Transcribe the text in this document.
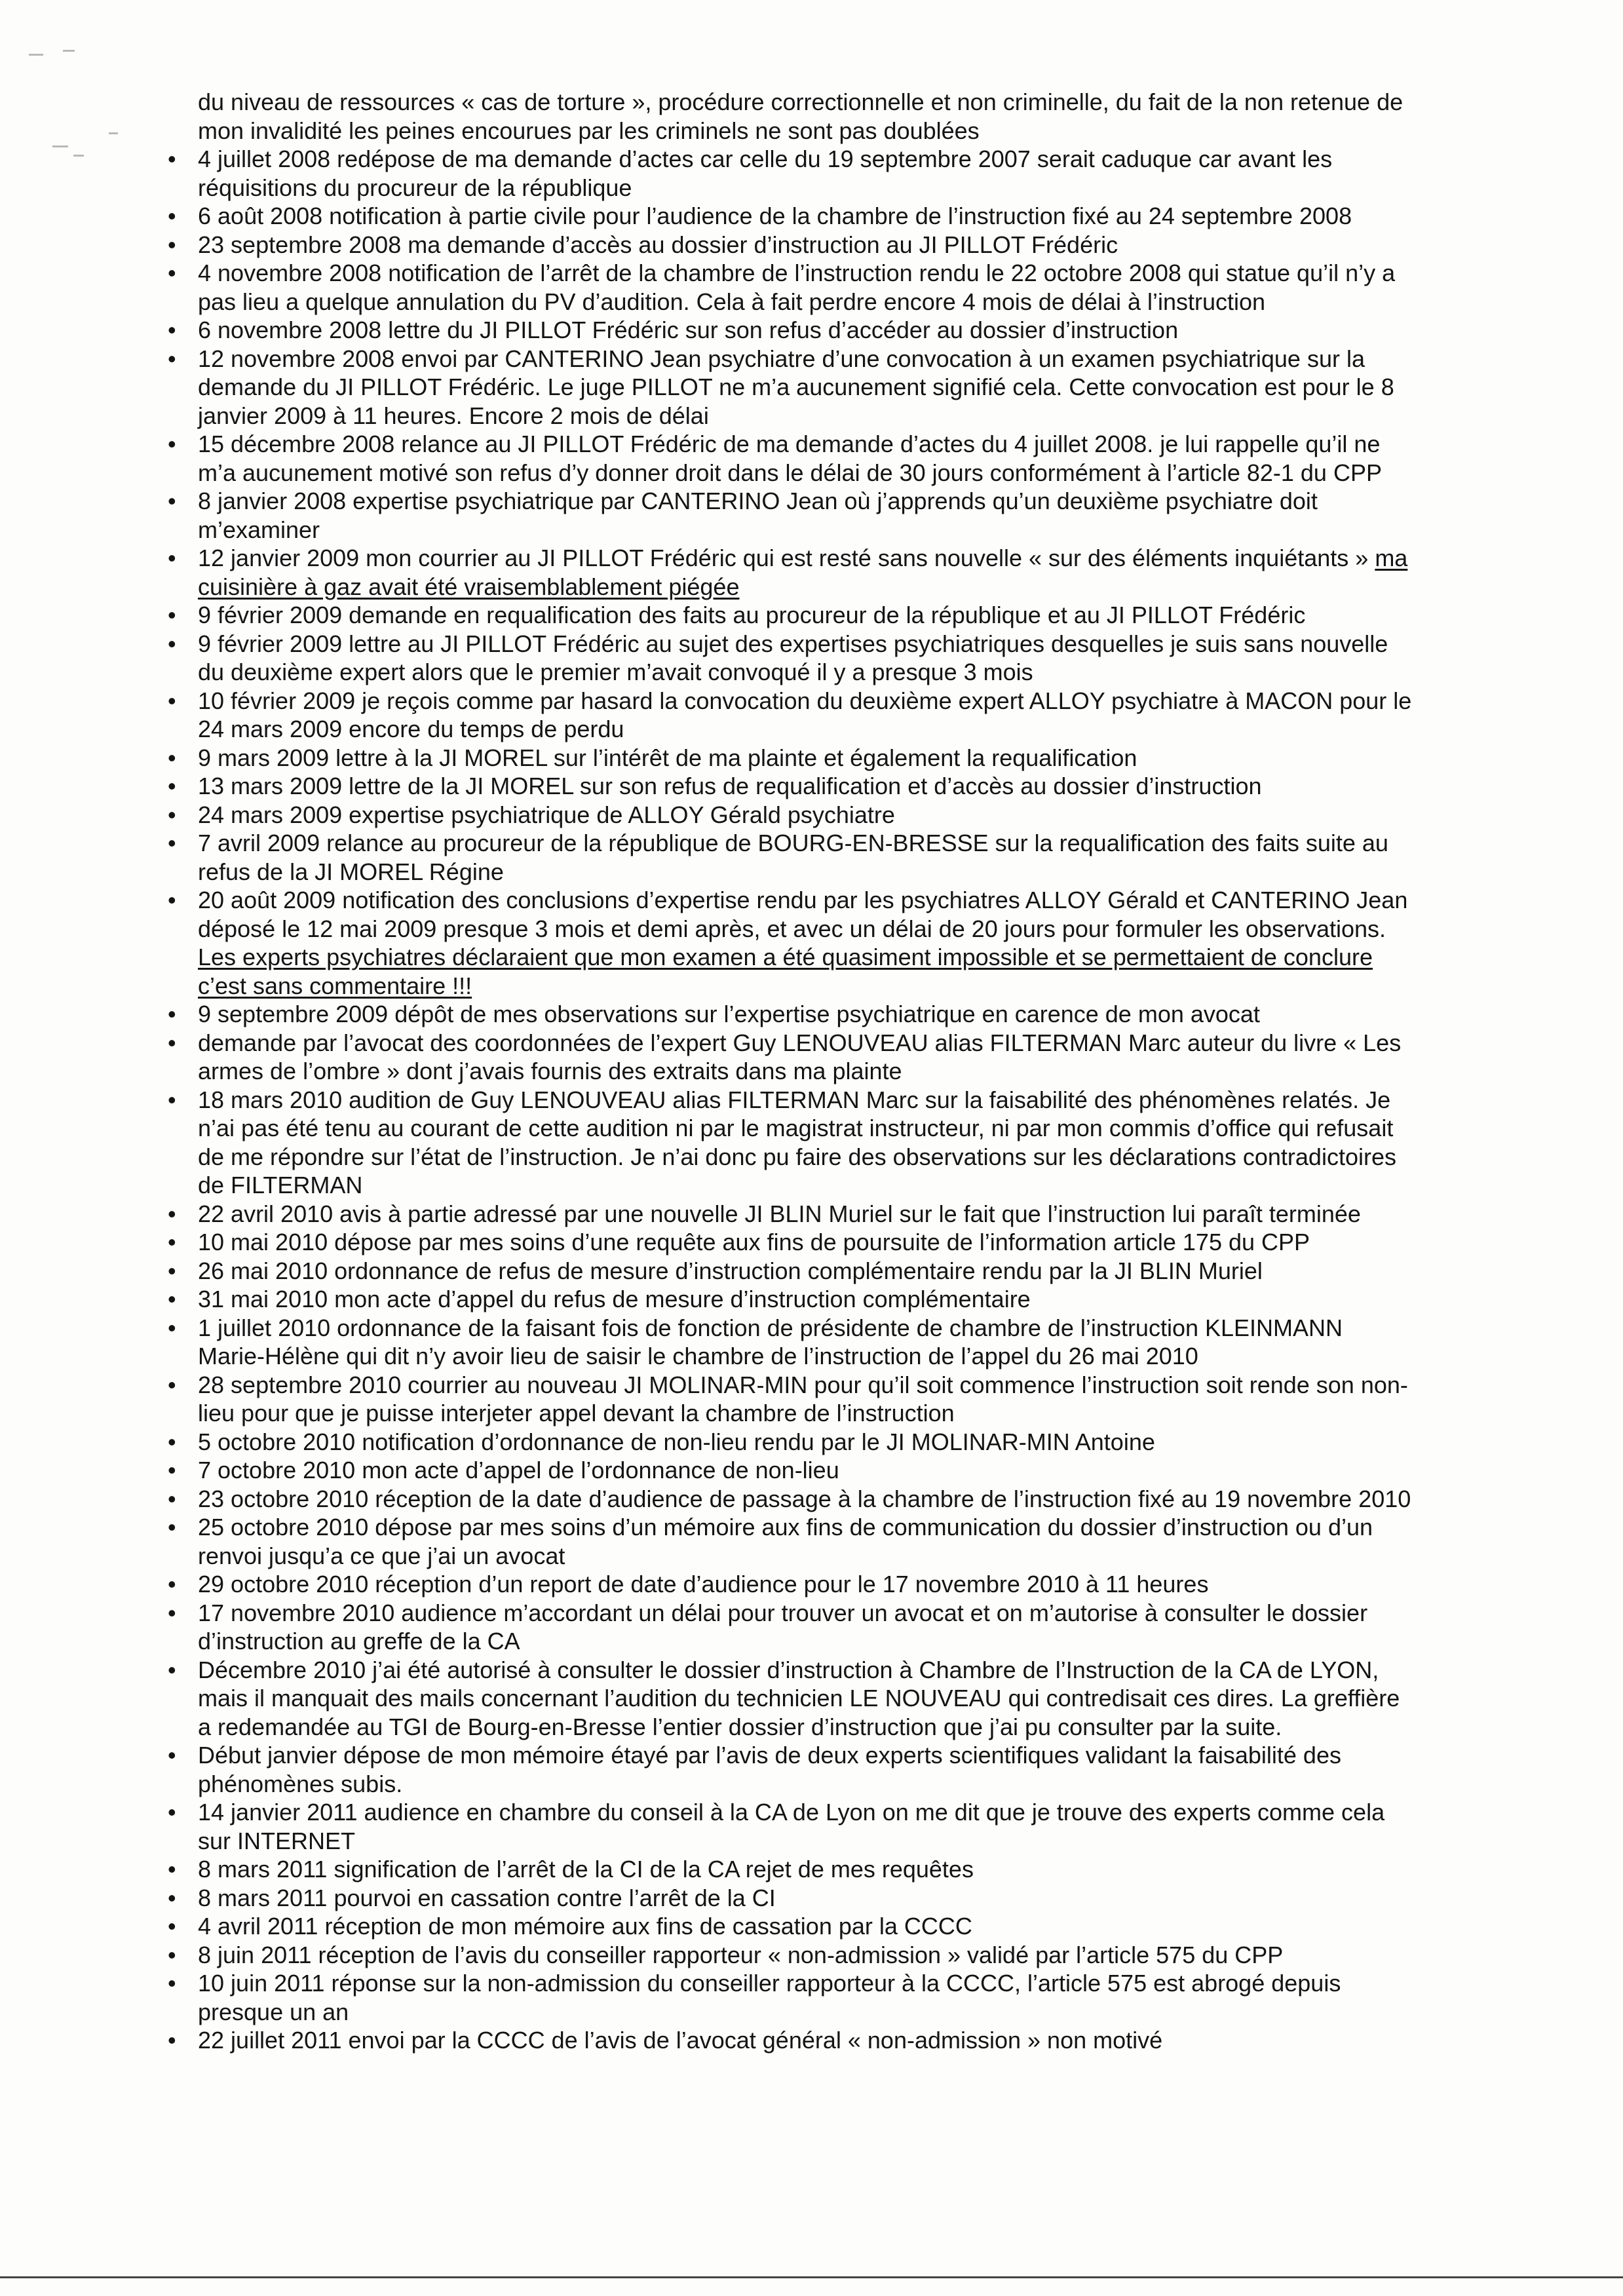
du niveau de ressources « cas de torture », procédure correctionnelle et non criminelle, du fait de la non retenue de mon invalidité les peines encourues par les criminels ne sont pas doublées

• 4 juillet 2008 redépose de ma demande d’actes car celle du 19 septembre 2007 serait caduque car avant les réquisitions du procureur de la république
• 6 août 2008 notification à partie civile pour l’audience de la chambre de l’instruction fixé au 24 septembre 2008
• 23 septembre 2008 ma demande d’accès au dossier d’instruction au JI PILLOT Frédéric
• 4 novembre 2008 notification de l’arrêt de la chambre de l’instruction rendu le 22 octobre 2008 qui statue qu’il n’y a pas lieu a quelque annulation du PV d’audition. Cela à fait perdre encore 4 mois de délai à l’instruction
• 6 novembre 2008 lettre du JI PILLOT Frédéric sur son refus d’accéder au dossier d’instruction
• 12 novembre 2008 envoi par CANTERINO Jean psychiatre d’une convocation à un examen psychiatrique sur la demande du JI PILLOT Frédéric. Le juge PILLOT ne m’a aucunement signifié cela. Cette convocation est pour le 8 janvier 2009 à 11 heures. Encore 2 mois de délai
• 15 décembre 2008 relance au JI PILLOT Frédéric de ma demande d’actes du 4 juillet 2008. je lui rappelle qu’il ne m’a aucunement motivé son refus d’y donner droit dans le délai de 30 jours conformément à l’article 82-1 du CPP
• 8 janvier 2008 expertise psychiatrique par CANTERINO Jean où j’apprends qu’un deuxième psychiatre doit m’examiner
• 12 janvier 2009 mon courrier au JI PILLOT Frédéric qui est resté sans nouvelle « sur des éléments inquiétants » ma cuisinière à gaz avait été vraisemblablement piégée
• 9 février 2009 demande en requalification des faits au procureur de la république et au JI PILLOT Frédéric
• 9 février 2009 lettre au JI PILLOT Frédéric au sujet des expertises psychiatriques desquelles je suis sans nouvelle du deuxième expert alors que le premier m’avait convoqué il y a presque 3 mois
• 10 février 2009 je reçois comme par hasard la convocation du deuxième expert ALLOY psychiatre à MACON pour le 24 mars 2009 encore du temps de perdu
• 9 mars 2009 lettre à la JI MOREL sur l’intérêt de ma plainte et également la requalification
• 13 mars 2009 lettre de la JI MOREL sur son refus de requalification et d’accès au dossier d’instruction
• 24 mars 2009 expertise psychiatrique de ALLOY Gérald psychiatre
• 7 avril 2009 relance au procureur de la république de BOURG-EN-BRESSE sur la requalification des faits suite au refus de la JI MOREL Régine
• 20 août 2009 notification des conclusions d’expertise rendu par les psychiatres ALLOY Gérald et CANTERINO Jean déposé le 12 mai 2009 presque 3 mois et demi après, et avec un délai de 20 jours pour formuler les observations. Les experts psychiatres déclaraient que mon examen a été quasiment impossible et se permettaient de conclure c’est sans commentaire !!!
• 9 septembre 2009 dépôt de mes observations sur l’expertise psychiatrique en carence de mon avocat
• demande par l’avocat des coordonnées de l’expert Guy LENOUVEAU alias FILTERMAN Marc auteur du livre « Les armes de l’ombre » dont j’avais fournis des extraits dans ma plainte
• 18 mars 2010 audition de Guy LENOUVEAU alias FILTERMAN Marc sur la faisabilité des phénomènes relatés. Je n’ai pas été tenu au courant de cette audition ni par le magistrat instructeur, ni par mon commis d’office qui refusait de me répondre sur l’état de l’instruction. Je n’ai donc pu faire des observations sur les déclarations contradictoires de FILTERMAN
• 22 avril 2010 avis à partie adressé par une nouvelle JI BLIN Muriel sur le fait que l’instruction lui paraît terminée
• 10 mai 2010 dépose par mes soins d’une requête aux fins de poursuite de l’information article 175 du CPP
• 26 mai 2010 ordonnance de refus de mesure d’instruction complémentaire rendu par la JI BLIN Muriel
• 31 mai 2010 mon acte d’appel du refus de mesure d’instruction complémentaire
• 1 juillet 2010 ordonnance de la faisant fois de fonction de présidente de chambre de l’instruction KLEINMANN Marie-Hélène qui dit n’y avoir lieu de saisir le chambre de l’instruction de l’appel du 26 mai 2010
• 28 septembre 2010 courrier au nouveau JI MOLINAR-MIN pour qu’il soit commence l’instruction soit rende son non-lieu pour que je puisse interjeter appel devant la chambre de l’instruction
• 5 octobre 2010 notification d’ordonnance de non-lieu rendu par le JI MOLINAR-MIN Antoine
• 7 octobre 2010 mon acte d’appel de l’ordonnance de non-lieu
• 23 octobre 2010 réception de la date d’audience de passage à la chambre de l’instruction fixé au 19 novembre 2010
• 25 octobre 2010 dépose par mes soins d’un mémoire aux fins de communication du dossier d’instruction ou d’un renvoi jusqu’a ce que j’ai un avocat
• 29 octobre 2010 réception d’un report de date d’audience pour le 17 novembre 2010 à 11 heures
• 17 novembre 2010 audience m’accordant un délai pour trouver un avocat et on m’autorise à consulter le dossier d’instruction au greffe de la CA
• Décembre 2010 j’ai été autorisé à consulter le dossier d’instruction à Chambre de l’Instruction de la CA de LYON, mais il manquait des mails concernant l’audition du technicien LE NOUVEAU qui contredisait ces dires. La greffière a redemandée au TGI de Bourg-en-Bresse l’entier dossier d’instruction que j’ai pu consulter par la suite.
• Début janvier dépose de mon mémoire étayé par l’avis de deux experts scientifiques validant la faisabilité des phénomènes subis.
• 14 janvier 2011 audience en chambre du conseil à la CA de Lyon on me dit que je trouve des experts comme cela sur INTERNET
• 8 mars 2011 signification de l’arrêt de la CI de la CA rejet de mes requêtes
• 8 mars 2011 pourvoi en cassation contre l’arrêt de la CI
• 4 avril 2011 réception de mon mémoire aux fins de cassation par la CCCC
• 8 juin 2011 réception de l’avis du conseiller rapporteur « non-admission » validé par l’article 575 du CPP
• 10 juin 2011 réponse sur la non-admission du conseiller rapporteur à la CCCC, l’article 575 est abrogé depuis presque un an
• 22 juillet 2011 envoi par la CCCC de l’avis de l’avocat général « non-admission » non motivé
